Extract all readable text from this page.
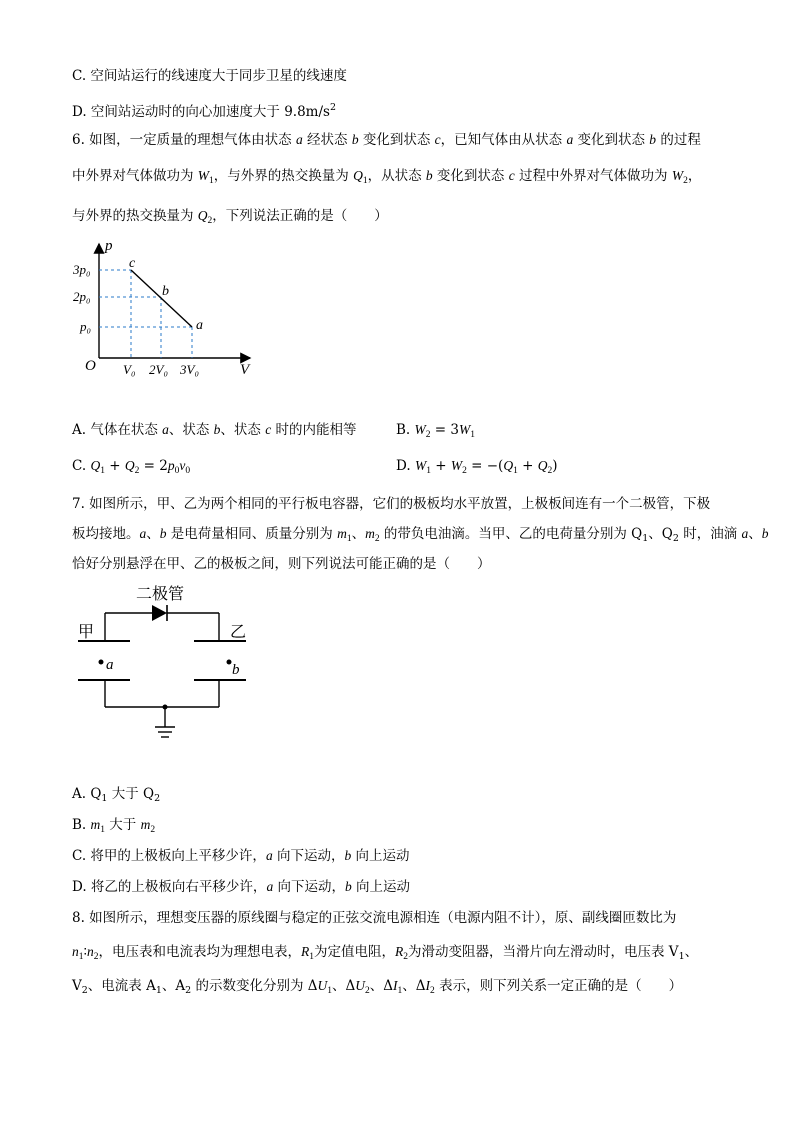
C. 空间站运行的线速度大于同步卫星的线速度
D. 空间站运动时的向心加速度大于 $9.8m/s^2$
6. 如图，一定质量的理想气体由状态 a 经状态 b 变化到状态 c，已知气体由从状态 a 变化到状态 b 的过程
中外界对气体做功为 $W_1$，与外界的热交换量为 $Q_1$，从状态 b 变化到状态 c 过程中外界对气体做功为 $W_2$，
与外界的热交换量为 $Q_2$，下列说法正确的是（　　）
p
V
O
3p₀
2p₀
p₀
V₀ 2V₀ 3V₀
c
b
a
A. 气体在状态 a、状态 b、状态 c 时的内能相等	B. $W_2 = 3W_1$
C. $Q_1 + Q_2 = 2p_0v_0$	D. $W_1 + W_2 = -(Q_1 + Q_2)$
7. 如图所示，甲、乙为两个相同的平行板电容器，它们的极板均水平放置，上极板间连有一个二极管，下极
板均接地。a、b 是电荷量相同、质量分别为 $m_1$、$m_2$ 的带负电油滴。当甲、乙的电荷量分别为 $Q_1$、$Q_2$ 时，油滴 a、b
恰好分别悬浮在甲、乙的极板之间，则下列说法可能正确的是（　　）
二极管
甲	乙
a	b
A. $Q_1$ 大于 $Q_2$
B. $m_1$ 大于 $m_2$
C. 将甲的上极板向上平移少许，a 向下运动，b 向上运动
D. 将乙的上极板向右平移少许，a 向下运动，b 向上运动
8. 如图所示，理想变压器的原线圈与稳定的正弦交流电源相连（电源内阻不计），原、副线圈匝数比为
$n_1∶n_2$，电压表和电流表均为理想电表，$R_1$为定值电阻，$R_2$为滑动变阻器，当滑片向左滑动时，电压表 $V_1$、
$V_2$、电流表 $A_1$、$A_2$ 的示数变化分别为 $\Delta U_1$、$\Delta U_2$、$\Delta I_1$、$\Delta I_2$ 表示，则下列关系一定正确的是（　　）
